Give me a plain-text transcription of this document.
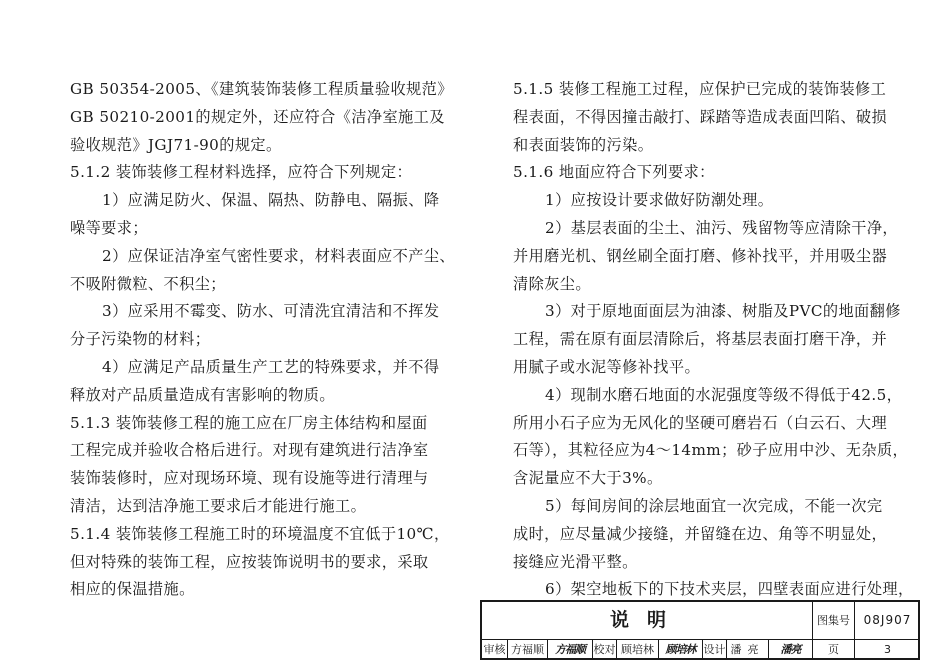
GB 50354-2005、《建筑装饰装修工程质量验收规范》

GB 50210-2001的规定外，还应符合《洁净室施工及

验收规范》JGJ71-90的规定。

5.1.2 装饰装修工程材料选择，应符合下列规定：

1）应满足防火、保温、隔热、防静电、隔振、降

噪等要求；

2）应保证洁净室气密性要求，材料表面应不产尘、

不吸附微粒、不积尘；

3）应采用不霉变、防水、可清洗宜清洁和不挥发

分子污染物的材料；

4）应满足产品质量生产工艺的特殊要求，并不得

释放对产品质量造成有害影响的物质。

5.1.3 装饰装修工程的施工应在厂房主体结构和屋面

工程完成并验收合格后进行。对现有建筑进行洁净室

装饰装修时，应对现场环境、现有设施等进行清理与

清洁，达到洁净施工要求后才能进行施工。

5.1.4 装饰装修工程施工时的环境温度不宜低于10℃，

但对特殊的装饰工程，应按装饰说明书的要求，采取

相应的保温措施。

5.1.5 装修工程施工过程，应保护已完成的装饰装修工

程表面，不得因撞击敲打、踩踏等造成表面凹陷、破损

和表面装饰的污染。

5.1.6 地面应符合下列要求：

1）应按设计要求做好防潮处理。

2）基层表面的尘土、油污、残留物等应清除干净，

并用磨光机、钢丝刷全面打磨、修补找平，并用吸尘器

清除灰尘。

3）对于原地面面层为油漆、树脂及PVC的地面翻修

工程，需在原有面层清除后，将基层表面打磨干净，并

用腻子或水泥等修补找平。

4）现制水磨石地面的水泥强度等级不得低于42.5，

所用小石子应为无风化的坚硬可磨岩石（白云石、大理

石等），其粒径应为4～14mm；砂子应用中沙、无杂质，

含泥量应不大于3%。

5）每间房间的涂层地面宜一次完成，不能一次完

成时，应尽量减少接缝，并留缝在边、角等不明显处，

接缝应光滑平整。

6）架空地板下的下技术夹层，四壁表面应进行处理，

说明	图集号	08J907
审核 方福顺	方福顺 校对 顾培林	顾培林 设计 潘亮	潘亮	页	3
